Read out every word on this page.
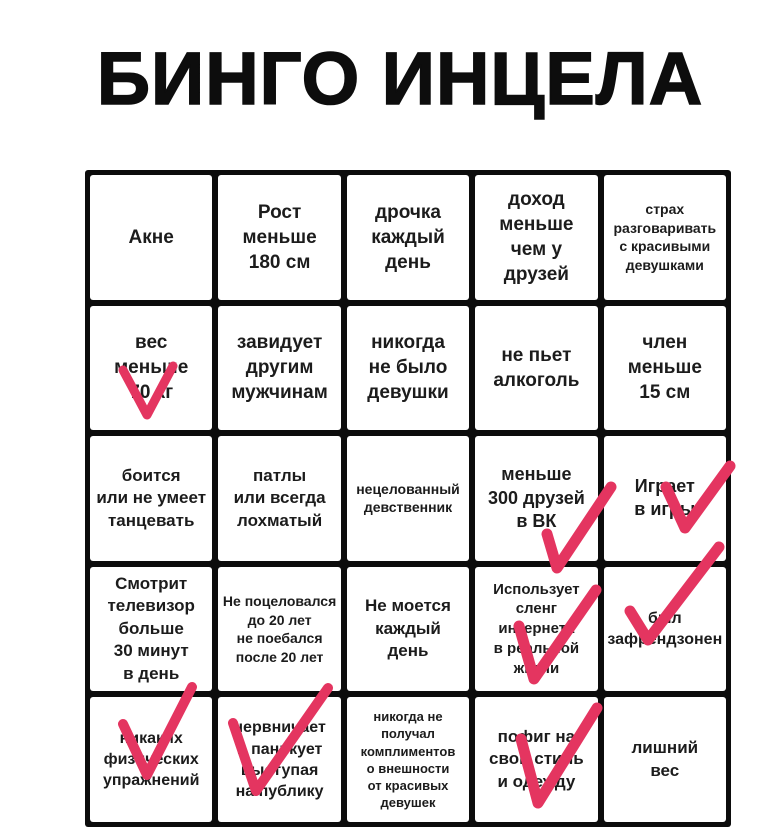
БИНГО ИНЦЕЛА
Акне
Рост
меньше
180 см
дрочка
каждый
день
доход
меньше
чем у
друзей
страх
разговаривать
с красивыми
девушками
вес
меньше
70 кг
завидует
другим
мужчинам
никогда
не было
девушки
не пьет
алкоголь
член
меньше
15 см
боится
или не умеет
танцевать
патлы
или всегда
лохматый
нецелованный
девственник
меньше
300 друзей
в ВК
Играет
в игры
Смотрит
телевизор
больше
30 минут
в день
Не поцеловался
до 20 лет
не поебался
после 20 лет
Не моется
каждый
день
Использует
сленг интернета
в реальной
жизни
был
зафрендзонен
никаких
физических
упражнений
нервничает
и паникует
выступая
на публику
никогда не
получал
комплиментов
о внешности
от красивых
девушек
пофиг на
свой стиль
и одежду
лишний
вес
